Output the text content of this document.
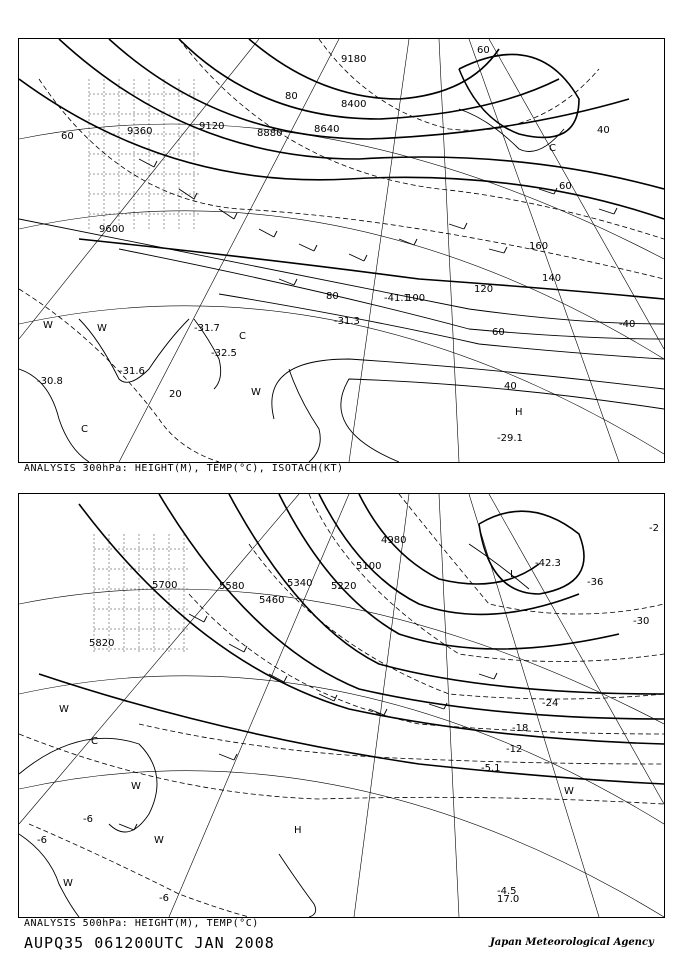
9600
9120
8880	8640
8400
9360
9180
20
40
60
80	100
120
140
160
40
60
60
80
60
W
W
C
C
H
C
W	-31.7
-32.5
-31.6
-30.8
-41.1
-29.1
-31.3	-40
ANALYSIS 300hPa: HEIGHT(M), TEMP(°C), ISOTACH(KT)
5700	5580
5460
5340 5220
5100
4980
5820
-6
-12
-18
-24
-30
-36
-2
-6
-6
W
C
W
W
H
L
W
W
-4.5
17.0
-42.3
-5.1
ANALYSIS 500hPa: HEIGHT(M), TEMP(°C)
AUPQ35 061200UTC JAN 2008	Japan Meteorological Agency
